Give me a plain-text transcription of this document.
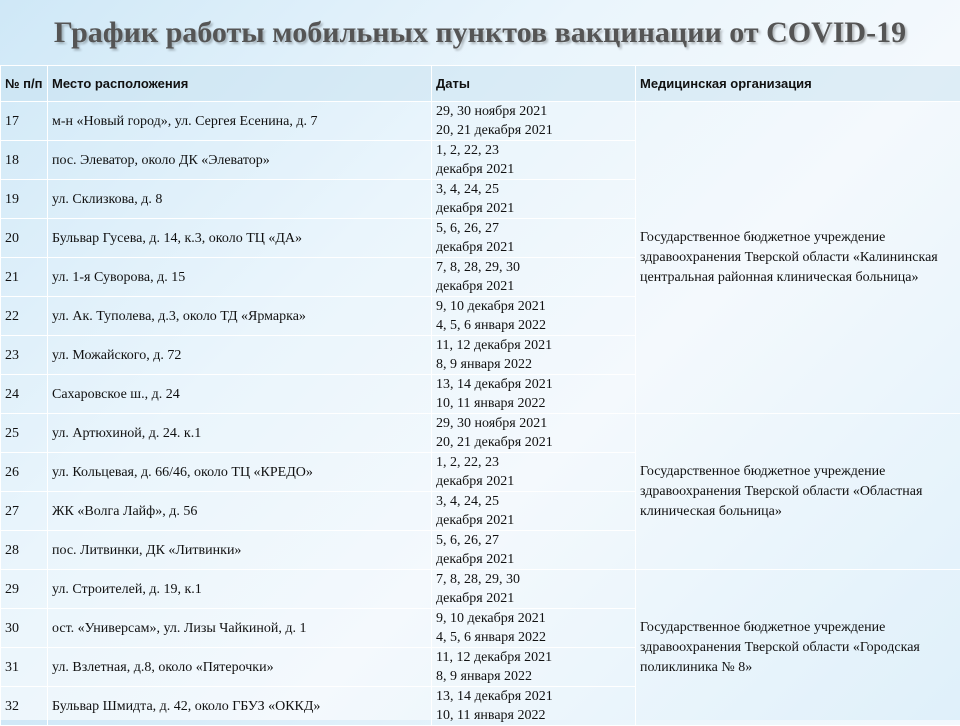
График работы мобильных пунктов вакцинации от COVID-19
№ п/п	Место расположения	Даты	Медицинская организация
17	м-н «Новый город», ул. Сергея Есенина, д. 7	29, 30 ноября 2021
20, 21 декабря 2021	Государственное бюджетное учреждение здравоохранения Тверской области «Калининская центральная районная клиническая больница»
18	пос. Элеватор, около ДК «Элеватор»	1, 2, 22, 23
декабря 2021	

19	ул. Склизкова, д. 8	3, 4, 24, 25
декабря 2021	

20	Бульвар Гусева, д. 14, к.3, около ТЦ «ДА»	5, 6, 26, 27
декабря 2021	

21	ул. 1-я Суворова, д. 15	7, 8, 28, 29, 30
декабря 2021	

22	ул. Ак. Туполева, д.3, около ТД «Ярмарка»	9, 10 декабря 2021
4, 5, 6 января 2022	

23	ул. Можайского, д. 72	11, 12 декабря 2021
8, 9 января 2022	

24	Сахаровское ш., д. 24	13, 14 декабря 2021
10, 11 января 2022	

25	ул. Артюхиной, д. 24. к.1	29, 30 ноября 2021
20, 21 декабря 2021	Государственное бюджетное учреждение здравоохранения Тверской области «Областная клиническая больница»
26	ул. Кольцевая, д. 66/46, около ТЦ «КРЕДО»	1, 2, 22, 23
декабря 2021	

27	ЖК «Волга Лайф», д. 56	3, 4, 24, 25
декабря 2021	

28	пос. Литвинки, ДК «Литвинки»	5, 6, 26, 27
декабря 2021	

29	ул. Строителей, д. 19, к.1	7, 8, 28, 29, 30
декабря 2021	Государственное бюджетное учреждение здравоохранения Тверской области «Городская поликлиника № 8»
30	ост. «Универсам», ул. Лизы Чайкиной, д. 1	9, 10 декабря 2021
4, 5, 6 января 2022	

31	ул. Взлетная, д.8, около «Пятерочки»	11, 12 декабря 2021
8, 9 января 2022	

32	Бульвар Шмидта, д. 42, около ГБУЗ «ОККД»	13, 14 декабря 2021
10, 11 января 2022	
